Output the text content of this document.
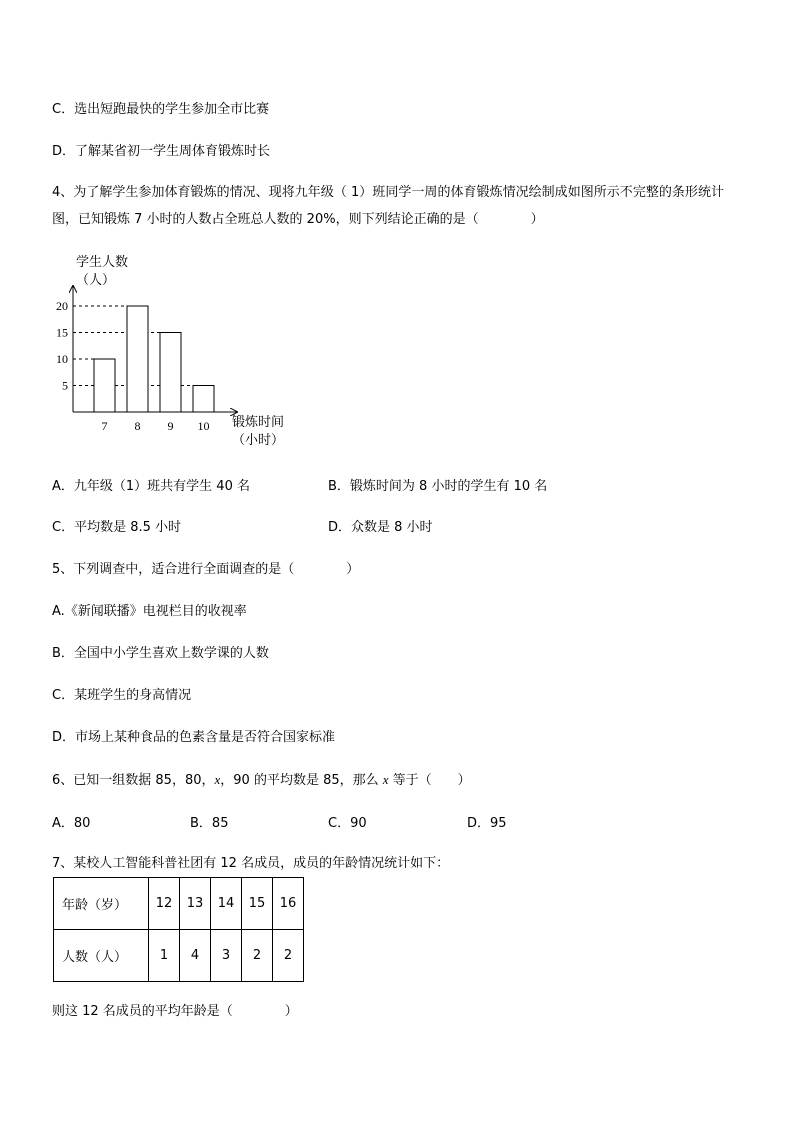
C．选出短跑最快的学生参加全市比赛
D．了解某省初一学生周体育锻炼时长
4、为了解学生参加体育锻炼的情况、现将九年级（ 1）班同学一周的体育锻炼情况绘制成如图所示不完整的条形统计图，已知锻炼 7 小时的人数占全班总人数的 20%，则下列结论正确的是（　　　　）
学生人数
（人）
5
10
15
20
7 8 9 10 锻炼时间
（小时）
A．九年级（1）班共有学生 40 名	B．锻炼时间为 8 小时的学生有 10 名
C．平均数是 8.5 小时	D．众数是 8 小时
5、下列调查中，适合进行全面调查的是（　　　　）
A.《新闻联播》电视栏目的收视率
B．全国中小学生喜欢上数学课的人数
C．某班学生的身高情况
D．市场上某种食品的色素含量是否符合国家标准
6、已知一组数据 85，80，x，90 的平均数是 85，那么 x 等于（　　）
A．80	B．85	C．90	D．95
7、某校人工智能科普社团有 12 名成员，成员的年龄情况统计如下：
年龄（岁）	12	13	14	15	16
人数（人）	1	4	3	2	2
则这 12 名成员的平均年龄是（　　　　）
